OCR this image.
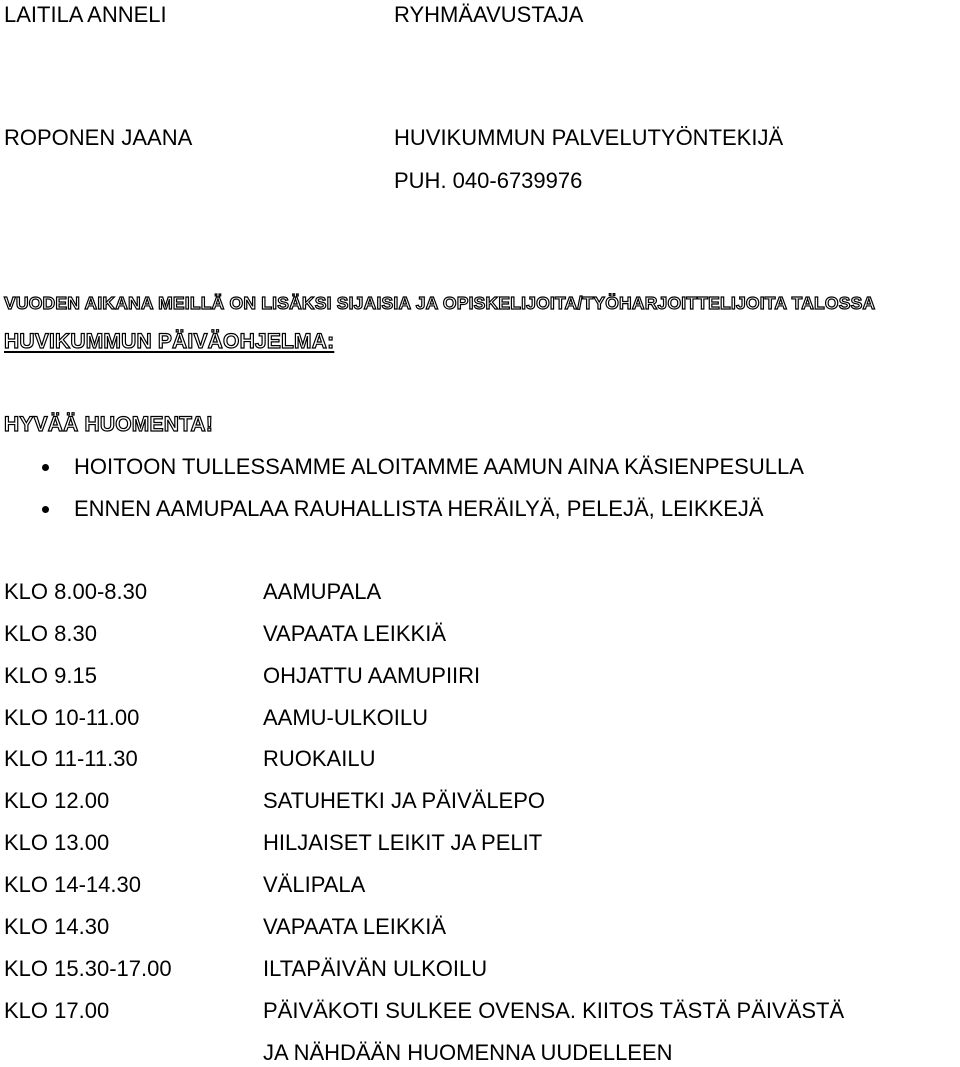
LAITILA ANNELI	RYHMÄAVUSTAJA
ROPONEN JAANA	HUVIKUMMUN PALVELUTYÖNTEKIJÄ
PUH. 040-6739976
VUODEN AIKANA MEILLÄ ON LISÄKSI SIJAISIA JA OPISKELIJOITA/TYÖHARJOITTELIJOITA TALOSSA
HUVIKUMMUN PÄIVÄOHJELMA:
HYVÄÄ HUOMENTA!
HOITOON TULLESSAMME ALOITAMME AAMUN AINA KÄSIENPESULLA
ENNEN AAMUPALAA RAUHALLISTA HERÄILYÄ, PELEJÄ, LEIKKEJÄ
KLO 8.00-8.30	AAMUPALA
KLO 8.30	VAPAATA LEIKKIÄ
KLO 9.15	OHJATTU AAMUPIIRI
KLO 10-11.00	AAMU-ULKOILU
KLO 11-11.30	RUOKAILU
KLO 12.00	SATUHETKI JA PÄIVÄLEPO
KLO 13.00	HILJAISET LEIKIT JA PELIT
KLO 14-14.30	VÄLIPALA
KLO 14.30	VAPAATA LEIKKIÄ
KLO 15.30-17.00	ILTAPÄIVÄN ULKOILU
KLO 17.00	PÄIVÄKOTI SULKEE OVENSA. KIITOS TÄSTÄ PÄIVÄSTÄ
JA NÄHDÄÄN HUOMENNA UUDELLEEN
